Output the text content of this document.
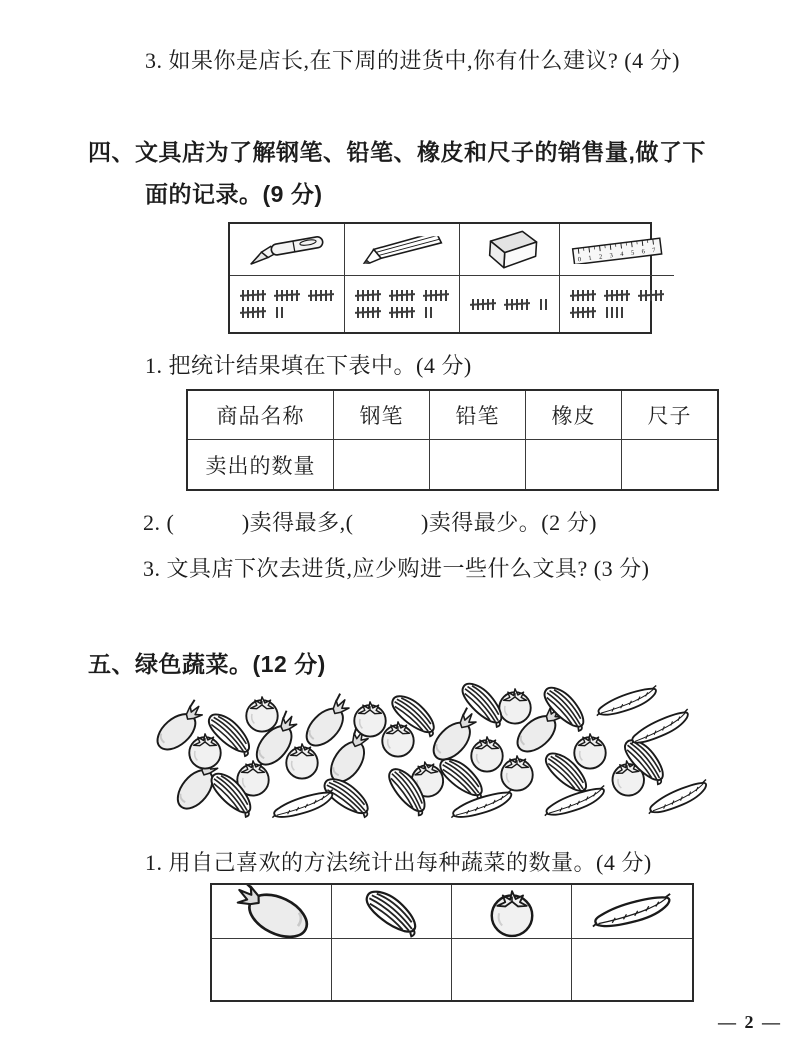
3. 如果你是店长,在下周的进货中,你有什么建议? (4 分)
四、文具店为了解钢笔、铅笔、橡皮和尺子的销售量,做了下
面的记录。(9 分)
1. 把统计结果填在下表中。(4 分)
商品名称	钢笔	铅笔	橡皮	尺子
卖出的数量
2. (　　　)卖得最多,(　　　)卖得最少。(2 分)
3. 文具店下次去进货,应少购进一些什么文具? (3 分)
五、绿色蔬菜。(12 分)
1. 用自己喜欢的方法统计出每种蔬菜的数量。(4 分)
— 2 —
